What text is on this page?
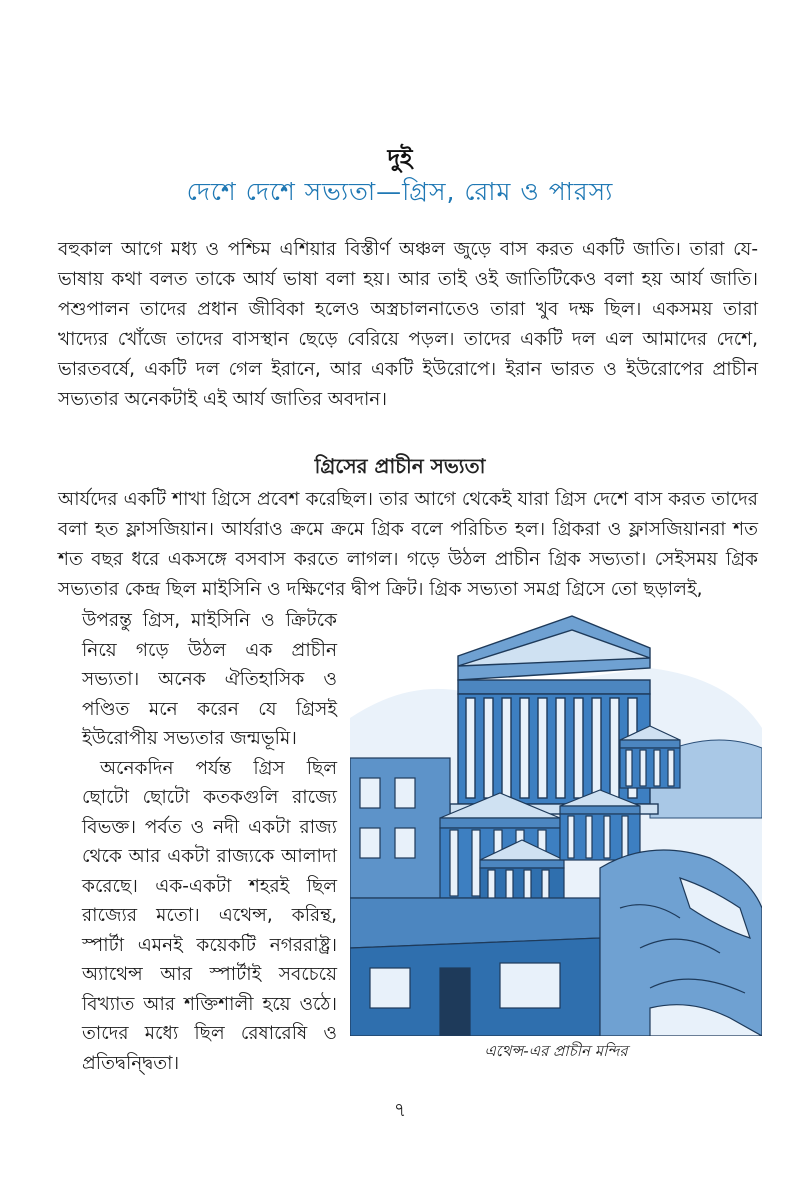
দুই
দেশে দেশে সভ্যতা—গ্রিস, রোম ও পারস্য

বহুকাল আগে মধ্য ও পশ্চিম এশিয়ার বিস্তীর্ণ অঞ্চল জুড়ে বাস করত একটি জাতি। তারা যে-ভাষায় কথা বলত তাকে আর্য ভাষা বলা হয়। আর তাই ওই জাতিটিকেও বলা হয় আর্য জাতি। পশুপালন তাদের প্রধান জীবিকা হলেও অস্ত্রচালনাতেও তারা খুব দক্ষ ছিল। একসময় তারা খাদ্যের খোঁজে তাদের বাসস্থান ছেড়ে বেরিয়ে পড়ল। তাদের একটি দল এল আমাদের দেশে, ভারতবর্ষে, একটি দল গেল ইরানে, আর একটি ইউরোপে। ইরান ভারত ও ইউরোপের প্রাচীন সভ্যতার অনেকটাই এই আর্য জাতির অবদান।

গ্রিসের প্রাচীন সভ্যতা

আর্যদের একটি শাখা গ্রিসে প্রবেশ করেছিল। তার আগে থেকেই যারা গ্রিস দেশে বাস করত তাদের বলা হত ফ্লাসজিয়ান। আর্যরাও ক্রমে ক্রমে গ্রিক বলে পরিচিত হল। গ্রিকরা ও ফ্লাসজিয়ানরা শত শত বছর ধরে একসঙ্গে বসবাস করতে লাগল। গড়ে উঠল প্রাচীন গ্রিক সভ্যতা। সেইসময় গ্রিক সভ্যতার কেন্দ্র ছিল মাইসিনি ও দক্ষিণের দ্বীপ ক্রিট। গ্রিক সভ্যতা সমগ্র গ্রিসে তো ছড়ালই,

উপরন্তু গ্রিস, মাইসিনি ও ক্রিটকে নিয়ে গড়ে উঠল এক প্রাচীন সভ্যতা। অনেক ঐতিহাসিক ও পণ্ডিত মনে করেন যে গ্রিসই ইউরোপীয় সভ্যতার জন্মভূমি।
অনেকদিন পর্যন্ত গ্রিস ছিল ছোটো ছোটো কতকগুলি রাজ্যে বিভক্ত। পর্বত ও নদী একটা রাজ্য থেকে আর একটা রাজ্যকে আলাদা করেছে। এক-একটা শহরই ছিল রাজ্যের মতো। এথেন্স, করিন্থ, স্পার্টা এমনই কয়েকটি নগররাষ্ট্র। অ্যাথেন্স আর স্পার্টাই সবচেয়ে বিখ্যাত আর শক্তিশালী হয়ে ওঠে। তাদের মধ্যে ছিল রেষারেষি ও প্রতিদ্বন্দ্বিতা।
এথেন্স-এর প্রাচীন মন্দির
৭
